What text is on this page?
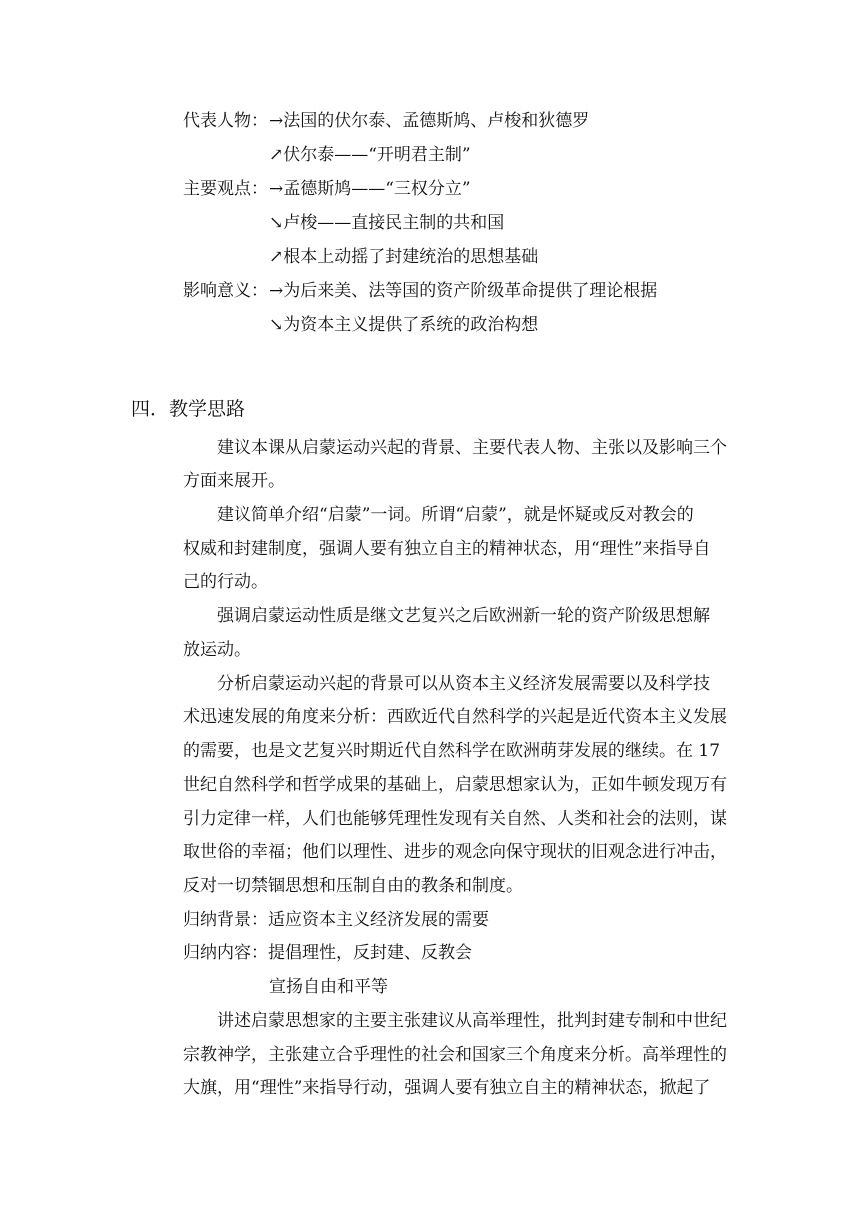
代表人物： →法国的伏尔泰、孟德斯鸠、卢梭和狄德罗
↗伏尔泰——“开明君主制”
主要观点： →孟德斯鸠——“三权分立”
↘卢梭——直接民主制的共和国
↗根本上动摇了封建统治的思想基础
影响意义： →为后来美、法等国的资产阶级革命提供了理论根据
↘为资本主义提供了系统的政治构想
四．教学思路
建议本课从启蒙运动兴起的背景、主要代表人物、主张以及影响三个
方面来展开。
建议简单介绍“启蒙”一词。所谓“启蒙”，就是怀疑或反对教会的
权威和封建制度，强调人要有独立自主的精神状态，用“理性”来指导自
己的行动。
强调启蒙运动性质是继文艺复兴之后欧洲新一轮的资产阶级思想解
放运动。
分析启蒙运动兴起的背景可以从资本主义经济发展需要以及科学技
术迅速发展的角度来分析：西欧近代自然科学的兴起是近代资本主义发展
的需要，也是文艺复兴时期近代自然科学在欧洲萌芽发展的继续。在 17
世纪自然科学和哲学成果的基础上，启蒙思想家认为，正如牛顿发现万有
引力定律一样，人们也能够凭理性发现有关自然、人类和社会的法则，谋
取世俗的幸福；他们以理性、进步的观念向保守现状的旧观念进行冲击，
反对一切禁锢思想和压制自由的教条和制度。
归纳背景：适应资本主义经济发展的需要
归纳内容：提倡理性，反封建、反教会
宣扬自由和平等
讲述启蒙思想家的主要主张建议从高举理性，批判封建专制和中世纪
宗教神学，主张建立合乎理性的社会和国家三个角度来分析。高举理性的
大旗，用“理性”来指导行动，强调人要有独立自主的精神状态，掀起了
